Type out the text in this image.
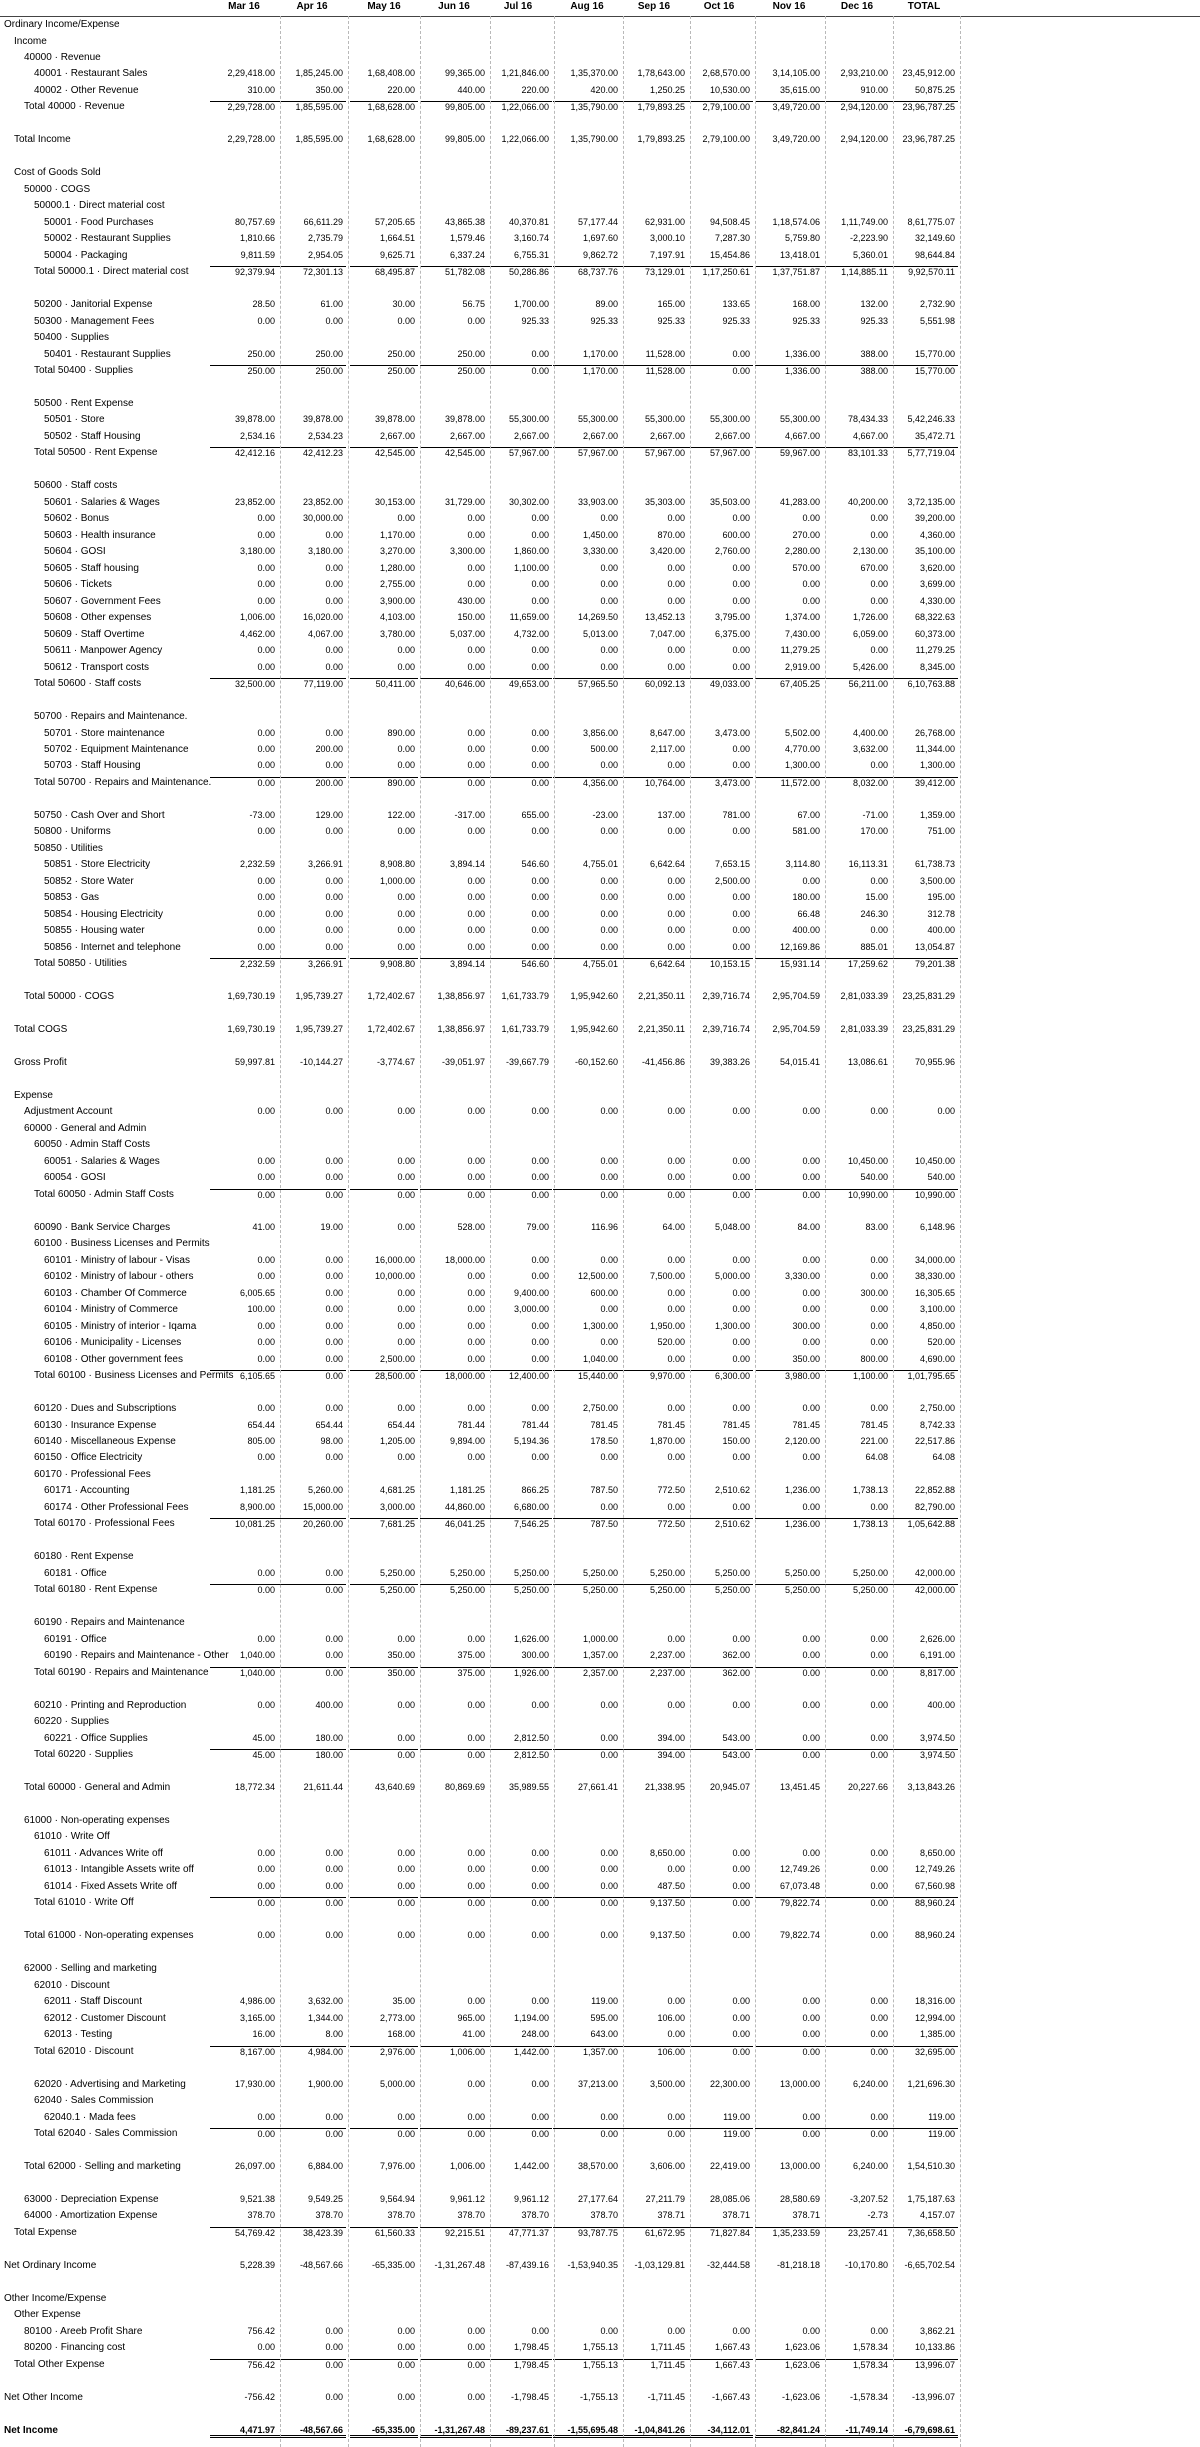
Mar 16	Apr 16	May 16	Jun 16	Jul 16	Aug 16	Sep 16	Oct 16	Nov 16	Dec 16	TOTAL
Ordinary Income/Expense
Income
40000 · Revenue
40001 · Restaurant Sales	2,29,418.00	1,85,245.00	1,68,408.00	99,365.00	1,21,846.00	1,35,370.00	1,78,643.00	2,68,570.00	3,14,105.00	2,93,210.00	23,45,912.00
40002 · Other Revenue	310.00	350.00	220.00	440.00	220.00	420.00	1,250.25	10,530.00	35,615.00	910.00	50,875.25
Total 40000 · Revenue	2,29,728.00	1,85,595.00	1,68,628.00	99,805.00	1,22,066.00	1,35,790.00	1,79,893.25	2,79,100.00	3,49,720.00	2,94,120.00	23,96,787.25
Total Income	2,29,728.00	1,85,595.00	1,68,628.00	99,805.00	1,22,066.00	1,35,790.00	1,79,893.25	2,79,100.00	3,49,720.00	2,94,120.00	23,96,787.25
Cost of Goods Sold
50000 · COGS
50000.1 · Direct material cost
50001 · Food Purchases	80,757.69	66,611.29	57,205.65	43,865.38	40,370.81	57,177.44	62,931.00	94,508.45	1,18,574.06	1,11,749.00	8,61,775.07
50002 · Restaurant Supplies	1,810.66	2,735.79	1,664.51	1,579.46	3,160.74	1,697.60	3,000.10	7,287.30	5,759.80	-2,223.90	32,149.60
50004 · Packaging	9,811.59	2,954.05	9,625.71	6,337.24	6,755.31	9,862.72	7,197.91	15,454.86	13,418.01	5,360.01	98,644.84
Total 50000.1 · Direct material cost	92,379.94	72,301.13	68,495.87	51,782.08	50,286.86	68,737.76	73,129.01	1,17,250.61	1,37,751.87	1,14,885.11	9,92,570.11
50200 · Janitorial Expense	28.50	61.00	30.00	56.75	1,700.00	89.00	165.00	133.65	168.00	132.00	2,732.90
50300 · Management Fees	0.00	0.00	0.00	0.00	925.33	925.33	925.33	925.33	925.33	925.33	5,551.98
50400 · Supplies
50401 · Restaurant Supplies	250.00	250.00	250.00	250.00	0.00	1,170.00	11,528.00	0.00	1,336.00	388.00	15,770.00
Total 50400 · Supplies	250.00	250.00	250.00	250.00	0.00	1,170.00	11,528.00	0.00	1,336.00	388.00	15,770.00
50500 · Rent Expense
50501 · Store	39,878.00	39,878.00	39,878.00	39,878.00	55,300.00	55,300.00	55,300.00	55,300.00	55,300.00	78,434.33	5,42,246.33
50502 · Staff Housing	2,534.16	2,534.23	2,667.00	2,667.00	2,667.00	2,667.00	2,667.00	2,667.00	4,667.00	4,667.00	35,472.71
Total 50500 · Rent Expense	42,412.16	42,412.23	42,545.00	42,545.00	57,967.00	57,967.00	57,967.00	57,967.00	59,967.00	83,101.33	5,77,719.04
50600 · Staff costs
50601 · Salaries & Wages	23,852.00	23,852.00	30,153.00	31,729.00	30,302.00	33,903.00	35,303.00	35,503.00	41,283.00	40,200.00	3,72,135.00
50602 · Bonus	0.00	30,000.00	0.00	0.00	0.00	0.00	0.00	0.00	0.00	0.00	39,200.00
50603 · Health insurance	0.00	0.00	1,170.00	0.00	0.00	1,450.00	870.00	600.00	270.00	0.00	4,360.00
50604 · GOSI	3,180.00	3,180.00	3,270.00	3,300.00	1,860.00	3,330.00	3,420.00	2,760.00	2,280.00	2,130.00	35,100.00
50605 · Staff housing	0.00	0.00	1,280.00	0.00	1,100.00	0.00	0.00	0.00	570.00	670.00	3,620.00
50606 · Tickets	0.00	0.00	2,755.00	0.00	0.00	0.00	0.00	0.00	0.00	0.00	3,699.00
50607 · Government Fees	0.00	0.00	3,900.00	430.00	0.00	0.00	0.00	0.00	0.00	0.00	4,330.00
50608 · Other expenses	1,006.00	16,020.00	4,103.00	150.00	11,659.00	14,269.50	13,452.13	3,795.00	1,374.00	1,726.00	68,322.63
50609 · Staff Overtime	4,462.00	4,067.00	3,780.00	5,037.00	4,732.00	5,013.00	7,047.00	6,375.00	7,430.00	6,059.00	60,373.00
50611 · Manpower Agency	0.00	0.00	0.00	0.00	0.00	0.00	0.00	0.00	11,279.25	0.00	11,279.25
50612 · Transport costs	0.00	0.00	0.00	0.00	0.00	0.00	0.00	0.00	2,919.00	5,426.00	8,345.00
Total 50600 · Staff costs	32,500.00	77,119.00	50,411.00	40,646.00	49,653.00	57,965.50	60,092.13	49,033.00	67,405.25	56,211.00	6,10,763.88
50700 · Repairs and Maintenance.
50701 · Store maintenance	0.00	0.00	890.00	0.00	0.00	3,856.00	8,647.00	3,473.00	5,502.00	4,400.00	26,768.00
50702 · Equipment Maintenance	0.00	200.00	0.00	0.00	0.00	500.00	2,117.00	0.00	4,770.00	3,632.00	11,344.00
50703 · Staff Housing	0.00	0.00	0.00	0.00	0.00	0.00	0.00	0.00	1,300.00	0.00	1,300.00
Total 50700 · Repairs and Maintenance.	0.00	200.00	890.00	0.00	0.00	4,356.00	10,764.00	3,473.00	11,572.00	8,032.00	39,412.00
50750 · Cash Over and Short	-73.00	129.00	122.00	-317.00	655.00	-23.00	137.00	781.00	67.00	-71.00	1,359.00
50800 · Uniforms	0.00	0.00	0.00	0.00	0.00	0.00	0.00	0.00	581.00	170.00	751.00
50850 · Utilities
50851 · Store Electricity	2,232.59	3,266.91	8,908.80	3,894.14	546.60	4,755.01	6,642.64	7,653.15	3,114.80	16,113.31	61,738.73
50852 · Store Water	0.00	0.00	1,000.00	0.00	0.00	0.00	0.00	2,500.00	0.00	0.00	3,500.00
50853 · Gas	0.00	0.00	0.00	0.00	0.00	0.00	0.00	0.00	180.00	15.00	195.00
50854 · Housing Electricity	0.00	0.00	0.00	0.00	0.00	0.00	0.00	0.00	66.48	246.30	312.78
50855 · Housing water	0.00	0.00	0.00	0.00	0.00	0.00	0.00	0.00	400.00	0.00	400.00
50856 · Internet and telephone	0.00	0.00	0.00	0.00	0.00	0.00	0.00	0.00	12,169.86	885.01	13,054.87
Total 50850 · Utilities	2,232.59	3,266.91	9,908.80	3,894.14	546.60	4,755.01	6,642.64	10,153.15	15,931.14	17,259.62	79,201.38
Total 50000 · COGS	1,69,730.19	1,95,739.27	1,72,402.67	1,38,856.97	1,61,733.79	1,95,942.60	2,21,350.11	2,39,716.74	2,95,704.59	2,81,033.39	23,25,831.29
Total COGS	1,69,730.19	1,95,739.27	1,72,402.67	1,38,856.97	1,61,733.79	1,95,942.60	2,21,350.11	2,39,716.74	2,95,704.59	2,81,033.39	23,25,831.29
Gross Profit	59,997.81	-10,144.27	-3,774.67	-39,051.97	-39,667.79	-60,152.60	-41,456.86	39,383.26	54,015.41	13,086.61	70,955.96
Expense
Adjustment Account	0.00	0.00	0.00	0.00	0.00	0.00	0.00	0.00	0.00	0.00	0.00
60000 · General and Admin
60050 · Admin Staff Costs
60051 · Salaries & Wages	0.00	0.00	0.00	0.00	0.00	0.00	0.00	0.00	0.00	10,450.00	10,450.00
60054 · GOSI	0.00	0.00	0.00	0.00	0.00	0.00	0.00	0.00	0.00	540.00	540.00
Total 60050 · Admin Staff Costs	0.00	0.00	0.00	0.00	0.00	0.00	0.00	0.00	0.00	10,990.00	10,990.00
60090 · Bank Service Charges	41.00	19.00	0.00	528.00	79.00	116.96	64.00	5,048.00	84.00	83.00	6,148.96
60100 · Business Licenses and Permits
60101 · Ministry of labour - Visas	0.00	0.00	16,000.00	18,000.00	0.00	0.00	0.00	0.00	0.00	0.00	34,000.00
60102 · Ministry of labour - others	0.00	0.00	10,000.00	0.00	0.00	12,500.00	7,500.00	5,000.00	3,330.00	0.00	38,330.00
60103 · Chamber Of Commerce	6,005.65	0.00	0.00	0.00	9,400.00	600.00	0.00	0.00	0.00	300.00	16,305.65
60104 · Ministry of Commerce	100.00	0.00	0.00	0.00	3,000.00	0.00	0.00	0.00	0.00	0.00	3,100.00
60105 · Ministry of interior - Iqama	0.00	0.00	0.00	0.00	0.00	1,300.00	1,950.00	1,300.00	300.00	0.00	4,850.00
60106 · Municipality - Licenses	0.00	0.00	0.00	0.00	0.00	0.00	520.00	0.00	0.00	0.00	520.00
60108 · Other government fees	0.00	0.00	2,500.00	0.00	0.00	1,040.00	0.00	0.00	350.00	800.00	4,690.00
Total 60100 · Business Licenses and Permits 6,105.65	0.00	28,500.00	18,000.00	12,400.00	15,440.00	9,970.00	6,300.00	3,980.00	1,100.00	1,01,795.65
60120 · Dues and Subscriptions	0.00	0.00	0.00	0.00	0.00	2,750.00	0.00	0.00	0.00	0.00	2,750.00
60130 · Insurance Expense	654.44	654.44	654.44	781.44	781.44	781.45	781.45	781.45	781.45	781.45	8,742.33
60140 · Miscellaneous Expense	805.00	98.00	1,205.00	9,894.00	5,194.36	178.50	1,870.00	150.00	2,120.00	221.00	22,517.86
60150 · Office Electricity	0.00	0.00	0.00	0.00	0.00	0.00	0.00	0.00	0.00	64.08	64.08
60170 · Professional Fees
60171 · Accounting	1,181.25	5,260.00	4,681.25	1,181.25	866.25	787.50	772.50	2,510.62	1,236.00	1,738.13	22,852.88
60174 · Other Professional Fees	8,900.00	15,000.00	3,000.00	44,860.00	6,680.00	0.00	0.00	0.00	0.00	0.00	82,790.00
Total 60170 · Professional Fees	10,081.25	20,260.00	7,681.25	46,041.25	7,546.25	787.50	772.50	2,510.62	1,236.00	1,738.13	1,05,642.88
60180 · Rent Expense
60181 · Office	0.00	0.00	5,250.00	5,250.00	5,250.00	5,250.00	5,250.00	5,250.00	5,250.00	5,250.00	42,000.00
Total 60180 · Rent Expense	0.00	0.00	5,250.00	5,250.00	5,250.00	5,250.00	5,250.00	5,250.00	5,250.00	5,250.00	42,000.00
60190 · Repairs and Maintenance
60191 · Office	0.00	0.00	0.00	0.00	1,626.00	1,000.00	0.00	0.00	0.00	0.00	2,626.00
60190 · Repairs and Maintenance - Other	1,040.00	0.00	350.00	375.00	300.00	1,357.00	2,237.00	362.00	0.00	0.00	6,191.00
Total 60190 · Repairs and Maintenance	1,040.00	0.00	350.00	375.00	1,926.00	2,357.00	2,237.00	362.00	0.00	0.00	8,817.00
60210 · Printing and Reproduction	0.00	400.00	0.00	0.00	0.00	0.00	0.00	0.00	0.00	0.00	400.00
60220 · Supplies
60221 · Office Supplies	45.00	180.00	0.00	0.00	2,812.50	0.00	394.00	543.00	0.00	0.00	3,974.50
Total 60220 · Supplies	45.00	180.00	0.00	0.00	2,812.50	0.00	394.00	543.00	0.00	0.00	3,974.50
Total 60000 · General and Admin	18,772.34	21,611.44	43,640.69	80,869.69	35,989.55	27,661.41	21,338.95	20,945.07	13,451.45	20,227.66	3,13,843.26
61000 · Non-operating expenses
61010 · Write Off
61011 · Advances Write off	0.00	0.00	0.00	0.00	0.00	0.00	8,650.00	0.00	0.00	0.00	8,650.00
61013 · Intangible Assets write off	0.00	0.00	0.00	0.00	0.00	0.00	0.00	0.00	12,749.26	0.00	12,749.26
61014 · Fixed Assets Write off	0.00	0.00	0.00	0.00	0.00	0.00	487.50	0.00	67,073.48	0.00	67,560.98
Total 61010 · Write Off	0.00	0.00	0.00	0.00	0.00	0.00	9,137.50	0.00	79,822.74	0.00	88,960.24
Total 61000 · Non-operating expenses	0.00	0.00	0.00	0.00	0.00	0.00	9,137.50	0.00	79,822.74	0.00	88,960.24
62000 · Selling and marketing
62010 · Discount
62011 · Staff Discount	4,986.00	3,632.00	35.00	0.00	0.00	119.00	0.00	0.00	0.00	0.00	18,316.00
62012 · Customer Discount	3,165.00	1,344.00	2,773.00	965.00	1,194.00	595.00	106.00	0.00	0.00	0.00	12,994.00
62013 · Testing	16.00	8.00	168.00	41.00	248.00	643.00	0.00	0.00	0.00	0.00	1,385.00
Total 62010 · Discount	8,167.00	4,984.00	2,976.00	1,006.00	1,442.00	1,357.00	106.00	0.00	0.00	0.00	32,695.00
62020 · Advertising and Marketing	17,930.00	1,900.00	5,000.00	0.00	0.00	37,213.00	3,500.00	22,300.00	13,000.00	6,240.00	1,21,696.30
62040 · Sales Commission
62040.1 · Mada fees	0.00	0.00	0.00	0.00	0.00	0.00	0.00	119.00	0.00	0.00	119.00
Total 62040 · Sales Commission	0.00	0.00	0.00	0.00	0.00	0.00	0.00	119.00	0.00	0.00	119.00
Total 62000 · Selling and marketing	26,097.00	6,884.00	7,976.00	1,006.00	1,442.00	38,570.00	3,606.00	22,419.00	13,000.00	6,240.00	1,54,510.30
63000 · Depreciation Expense	9,521.38	9,549.25	9,564.94	9,961.12	9,961.12	27,177.64	27,211.79	28,085.06	28,580.69	-3,207.52	1,75,187.63
64000 · Amortization Expense	378.70	378.70	378.70	378.70	378.70	378.70	378.71	378.71	378.71	-2.73	4,157.07
Total Expense	54,769.42	38,423.39	61,560.33	92,215.51	47,771.37	93,787.75	61,672.95	71,827.84	1,35,233.59	23,257.41	7,36,658.50
Net Ordinary Income	5,228.39	-48,567.66	-65,335.00	-1,31,267.48	-87,439.16	-1,53,940.35	-1,03,129.81	-32,444.58	-81,218.18	-10,170.80	-6,65,702.54
Other Income/Expense
Other Expense
80100 · Areeb Profit Share	756.42	0.00	0.00	0.00	0.00	0.00	0.00	0.00	0.00	0.00	3,862.21
80200 · Financing cost	0.00	0.00	0.00	0.00	1,798.45	1,755.13	1,711.45	1,667.43	1,623.06	1,578.34	10,133.86
Total Other Expense	756.42	0.00	0.00	0.00	1,798.45	1,755.13	1,711.45	1,667.43	1,623.06	1,578.34	13,996.07
Net Other Income	-756.42	0.00	0.00	0.00	-1,798.45	-1,755.13	-1,711.45	-1,667.43	-1,623.06	-1,578.34	-13,996.07
Net Income	4,471.97	-48,567.66	-65,335.00	-1,31,267.48	-89,237.61	-1,55,695.48	-1,04,841.26	-34,112.01	-82,841.24	-11,749.14	-6,79,698.61
